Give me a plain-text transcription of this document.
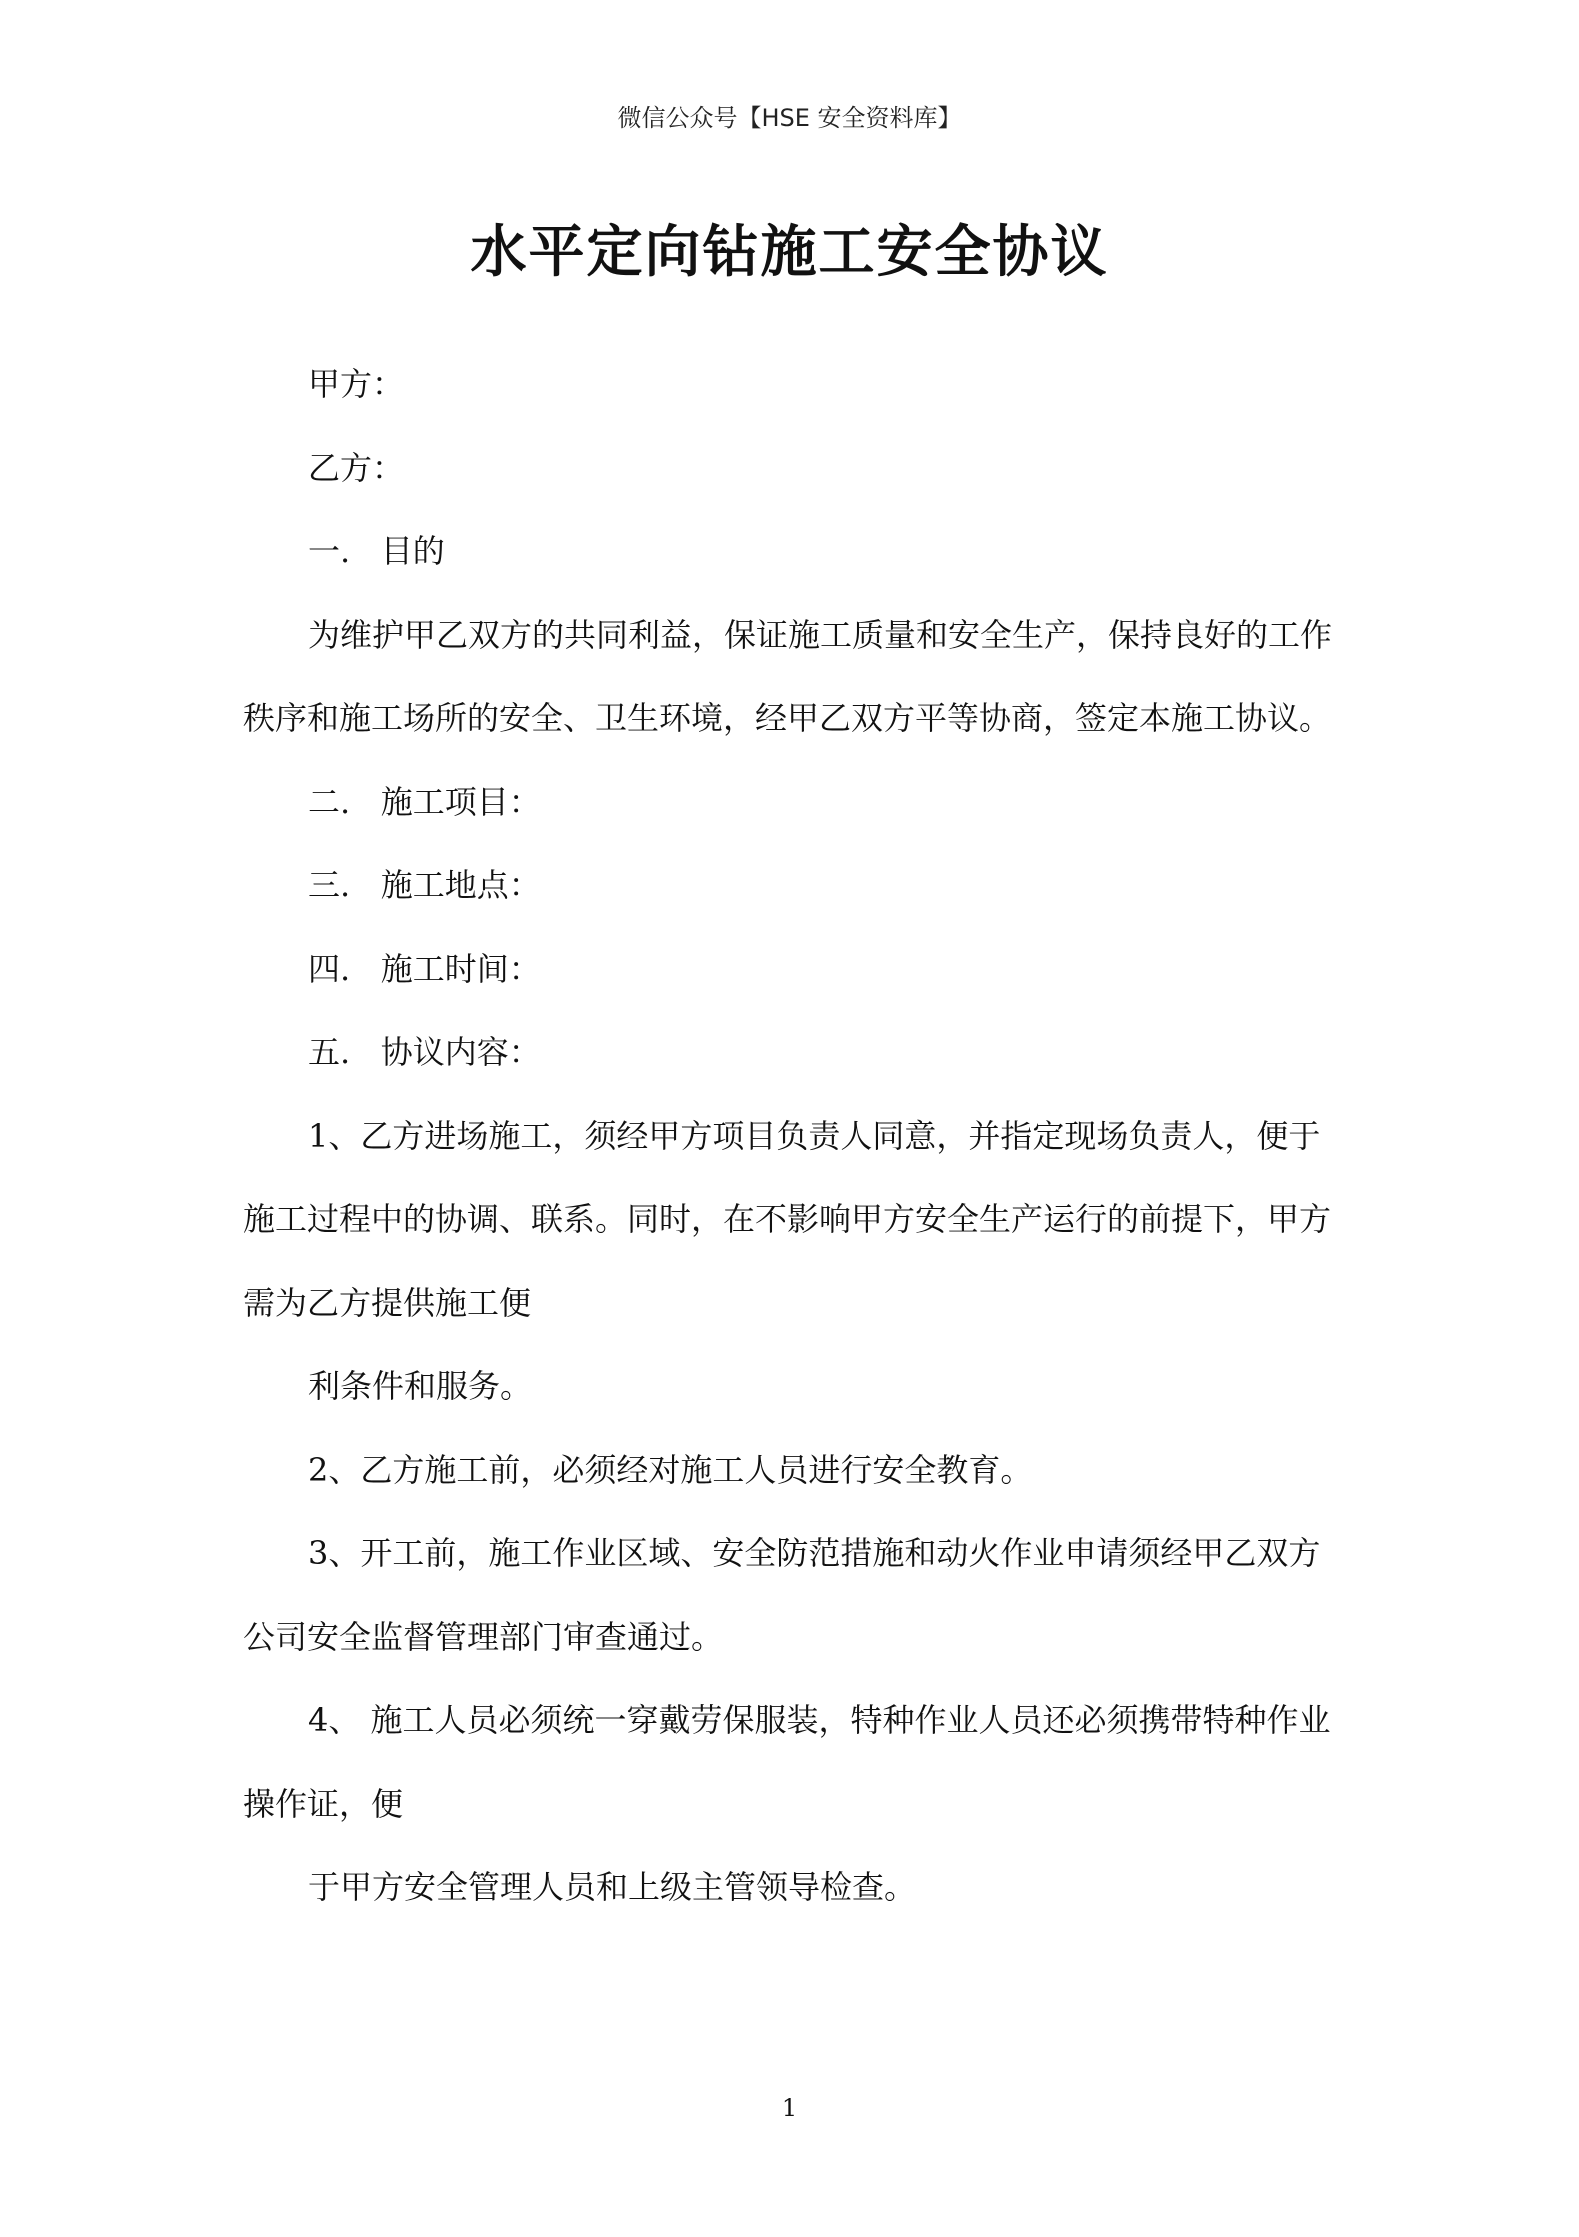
微信公众号【HSE 安全资料库】
水平定向钻施工安全协议
甲方：
乙方：
一.   目的
为维护甲乙双方的共同利益，保证施工质量和安全生产，保持良好的工作
秩序和施工场所的安全、卫生环境，经甲乙双方平等协商，签定本施工协议。
二.   施工项目：
三.   施工地点：
四.   施工时间：
五.   协议内容：
1、乙方进场施工，须经甲方项目负责人同意，并指定现场负责人，便于
施工过程中的协调、联系。同时，在不影响甲方安全生产运行的前提下，甲方
需为乙方提供施工便
利条件和服务。
2、乙方施工前，必须经对施工人员进行安全教育。
3、开工前，施工作业区域、安全防范措施和动火作业申请须经甲乙双方
公司安全监督管理部门审查通过。
4、 施工人员必须统一穿戴劳保服装，特种作业人员还必须携带特种作业
操作证，便
于甲方安全管理人员和上级主管领导检查。
1
